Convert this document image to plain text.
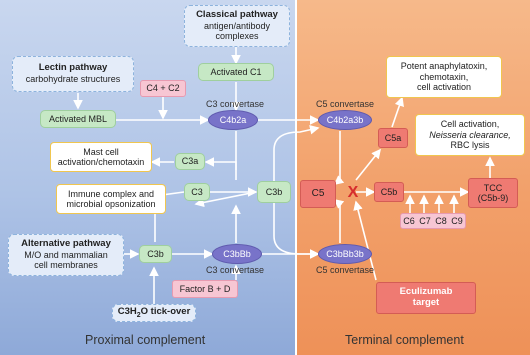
Classical pathway
antigen/antibody
complexes
Lectin pathway
carbohydrate structures
Alternative pathway
M/O and mammalian
cell membranes
$C3H_2O$ tick-over
Activated C1
C4 + C2
Activated MBL
C3a
C3	C3b
C3b
Factor B + D
C4b2a
C3bBb
C4b2a3b
C3bBb3b
C3 convertase	C5 convertase
C3 convertase	C5 convertase
Mast cell
activation/chemotaxin
Immune complex and
microbial opsonization
Potent anaphylatoxin,
chemotaxin,
cell activation
Cell activation,
Neisseria clearance,
RBC lysis
C5
C5a
C5b	TCC
(C5b-9)
C6 C7 C8 C9
X
Eculizumab
target
Proximal complement	Terminal complement
